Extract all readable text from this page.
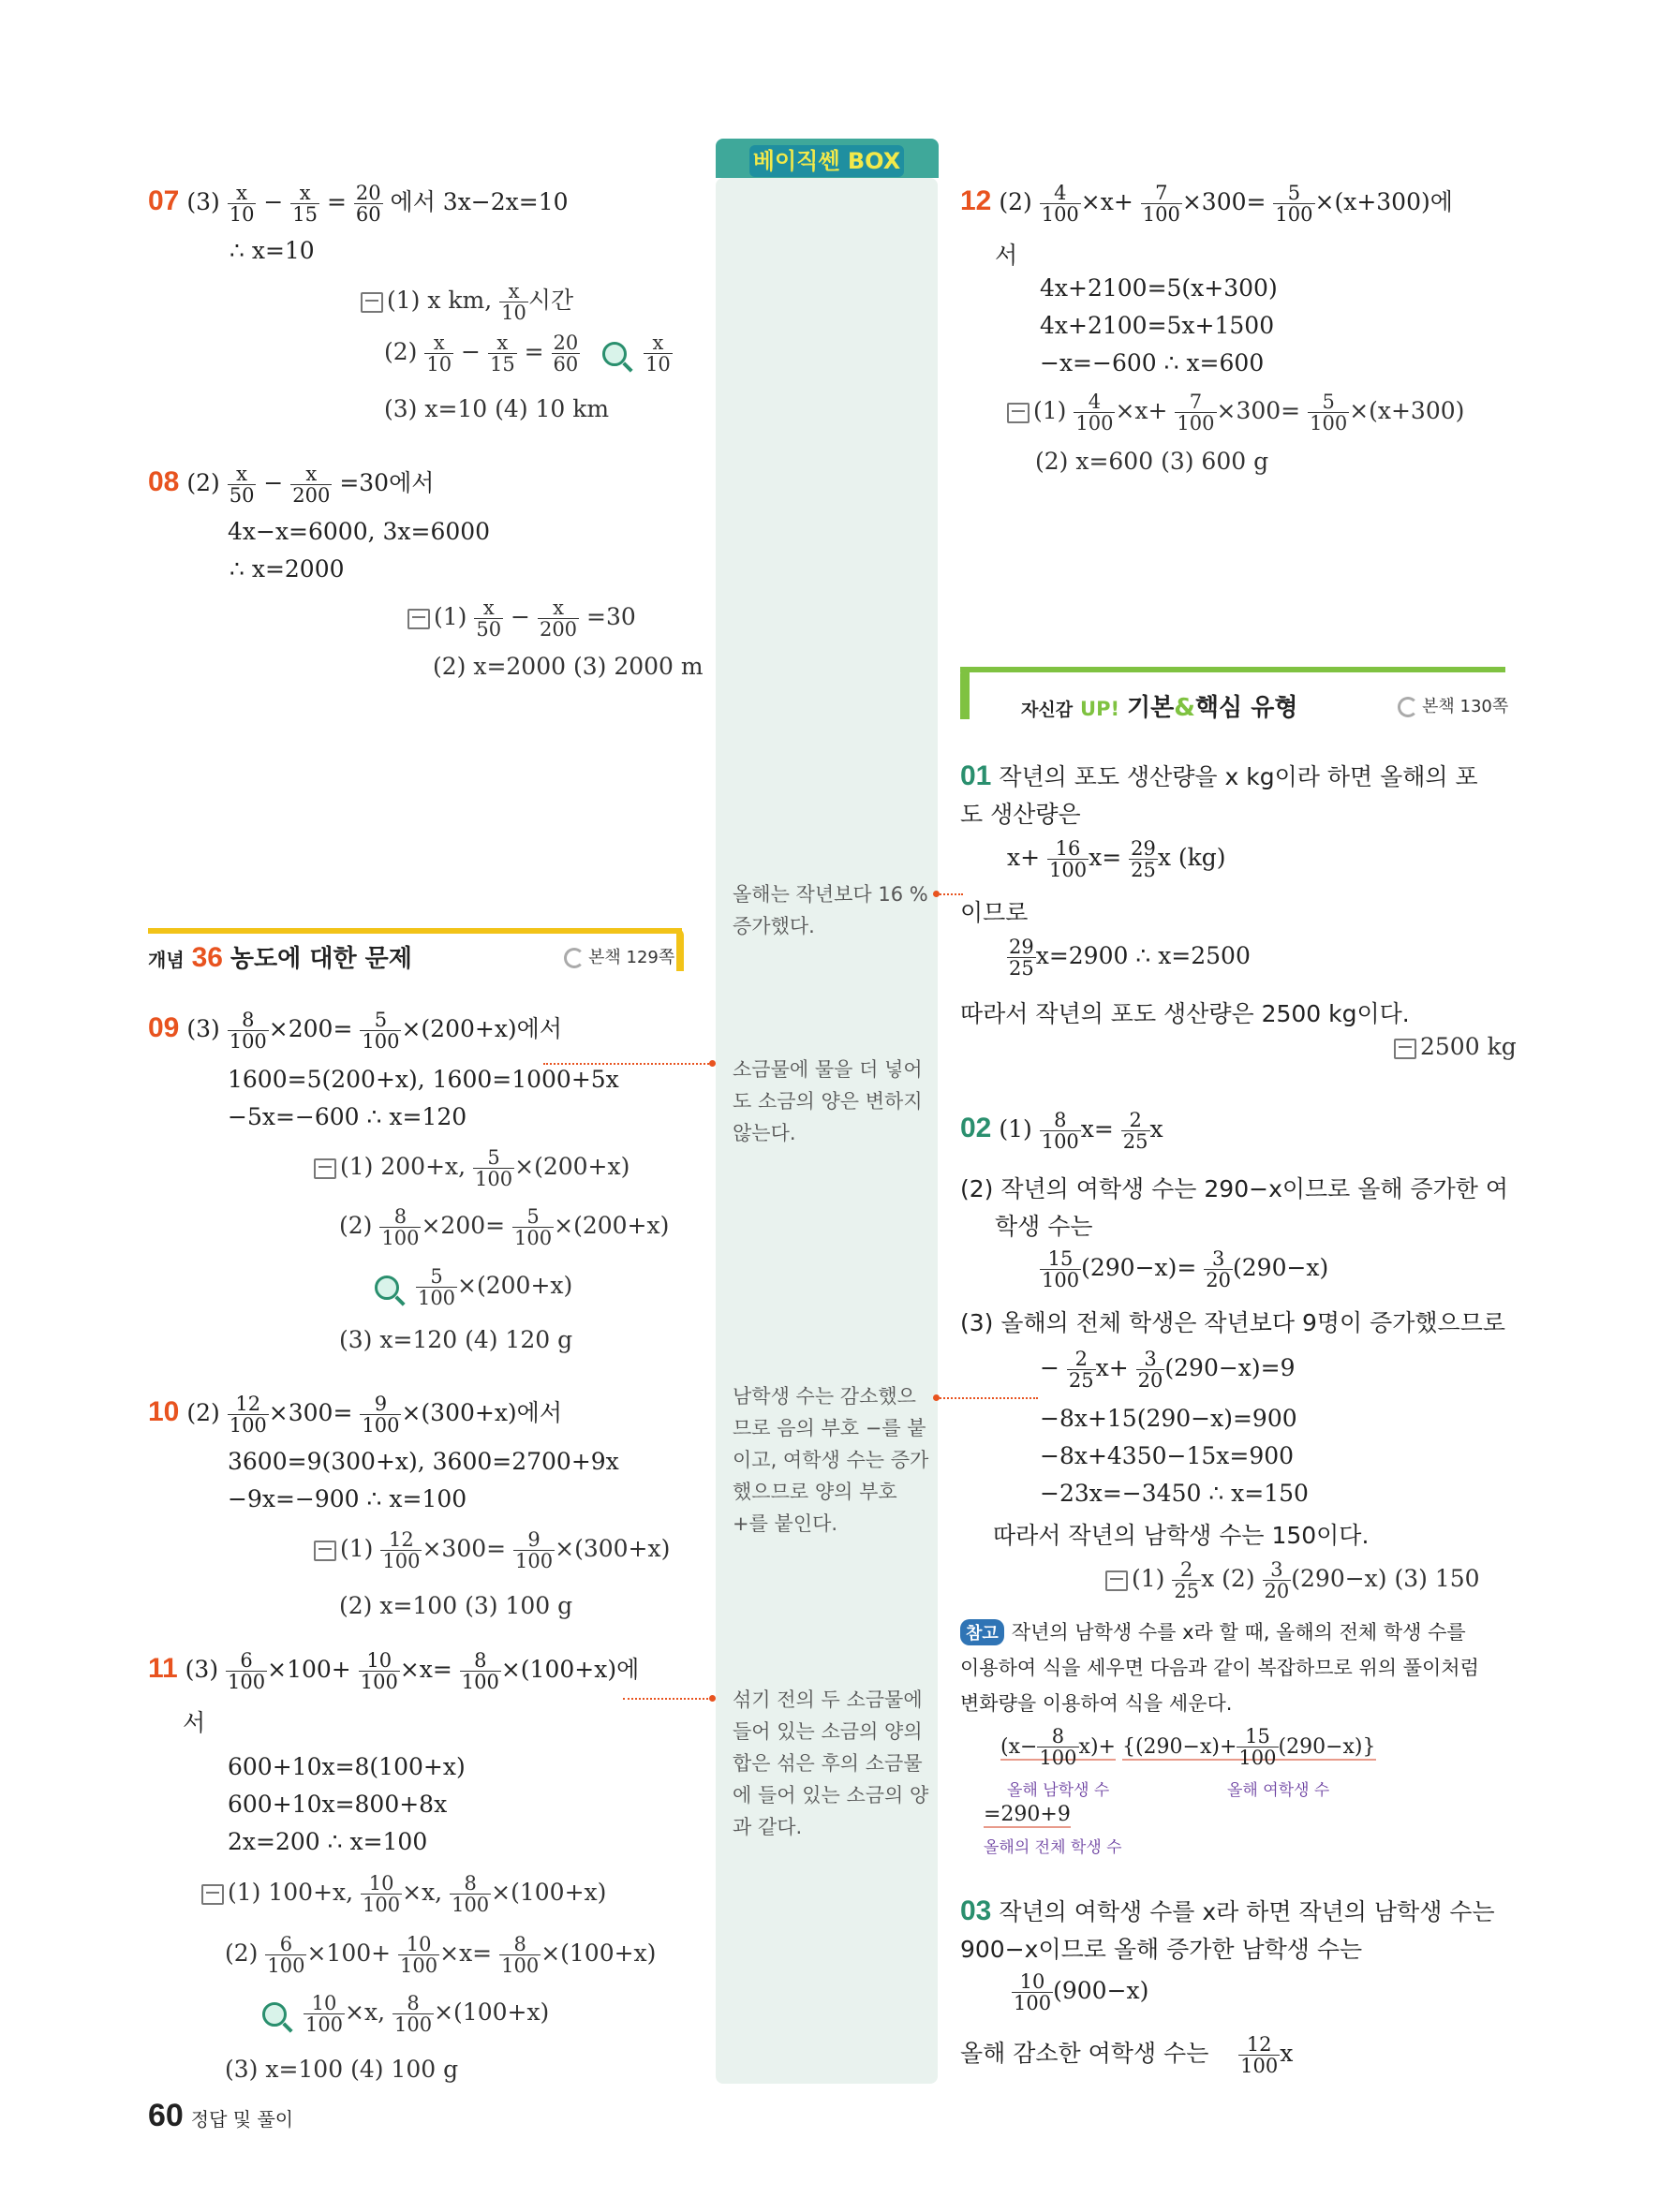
베이직쎈 BOX
07 $(3) \frac{x}{10} - \frac{x}{15} = \frac{20}{60}$ 에서 3x−2x=10
∴ x=10
(1) x km, $\frac{x}{10}$ 시간
$(2) \frac{x}{10} - \frac{x}{15} = \frac{20}{60}$
	$\frac{x}{10}$
(3) x=10 (4) 10 km
08 $(2) \frac{x}{50} - \frac{x}{200} =30$에서
4x−x=6000, 3x=6000
∴ x=2000
$(1) \frac{x}{50} - \frac{x}{200} =30$
(2) x=2000 (3) 2000 m
개념 36 농도에 대한 문제	본책 129쪽
09 $(3) \frac{8}{100} \times 200= \frac{5}{100} \times(200+x)$에서
1600=5(200+x), 1600=1000+5x
−5x=−600 ∴ x=120
(1) 200+x, $\frac{5}{100} \times(200+x)$
$(2) \frac{8}{100} \times 200= \frac{5}{100} \times(200+x)$

$\frac{5}{100} \times(200+x)$
(3) x=120 (4) 120 g
10 $(2) \frac{12}{100} \times 300= \frac{9}{100} \times(300+x)$에서
3600=9(300+x), 3600=2700+9x
−9x=−900 ∴ x=100
$(1) \frac{12}{100} \times 300= \frac{9}{100} \times(300+x)$
(2) x=100 (3) 100 g
11 $(3) \frac{6}{100} \times 100+ \frac{10}{100} \times x= \frac{8}{100} \times(100+x)$에
서
600+10x=8(100+x)
600+10x=800+8x
2x=200 ∴ x=100
(1) 100+x, $\frac{10}{100} \times x$, $\frac{8}{100} \times(100+x)$
$(2) \frac{6}{100} \times 100+ \frac{10}{100} \times x= \frac{8}{100} \times(100+x)$

$\frac{10}{100} \times x$, $\frac{8}{100} \times(100+x)$
(3) x=100 (4) 100 g
올해는 작년보다 16 % 증가했다.
소금물에 물을 더 넣어도 소금의 양은 변하지 않는다.
남학생 수는 감소했으므로 음의 부호 −를 붙이고, 여학생 수는 증가했으므로 양의 부호 +를 붙인다.
섞기 전의 두 소금물에 들어 있는 소금의 양의 합은 섞은 후의 소금물에 들어 있는 소금의 양과 같다.
12 $(2) \frac{4}{100} \times x+ \frac{7}{100} \times 300= \frac{5}{100} \times(x+300)$에
서
4x+2100=5(x+300)
4x+2100=5x+1500
−x=−600 ∴ x=600
$(1) \frac{4}{100} \times x+ \frac{7}{100} \times 300= \frac{5}{100} \times(x+300)$
(2) x=600 (3) 600 g
자신감 UP! 기본&핵심 유형	본책 130쪽
01 작년의 포도 생산량을 x kg이라 하면 올해의 포
도 생산량은
$x+ \frac{16}{100} x= \frac{29}{25}$ x (kg)
이므로
$\frac{29}{25} x=2900$ ∴ x=2500
따라서 작년의 포도 생산량은 2500 kg이다.
2500 kg
02 $(1) \frac{8}{100} x= \frac{2}{25}$ x
(2) 작년의 여학생 수는 290−x이므로 올해 증가한 여
학생 수는
$\frac{15}{100} (290-x)= \frac{3}{20} (290-x)$
(3) 올해의 전체 학생은 작년보다 9명이 증가했으므로
− $\frac{2}{25} x+ \frac{3}{20} (290-x)=9$
−8x+15(290−x)=900
−8x+4350−15x=900
−23x=−3450 ∴ x=150
따라서 작년의 남학생 수는 150이다.
$(1) \frac{2}{25}$ x $(2) \frac{3}{20} (290-x)$ (3) 150
참고 작년의 남학생 수를 x라 할 때, 올해의 전체 학생 수를
이용하여 식을 세우면 다음과 같이 복잡하므로 위의 풀이처럼
변화량을 이용하여 식을 세운다.
$(x- \frac{8}{100} x)+ \{(290-x)+ \frac{15}{100} (290-x)\}$
올해 남학생 수	올해 여학생 수
=290+9
올해의 전체 학생 수
03 작년의 여학생 수를 x라 하면 작년의 남학생 수는
900−x이므로 올해 증가한 남학생 수는
$\frac{10}{100} (900-x)$
올해 감소한 여학생 수는 $\frac{12}{100}$ x
60 정답 및 풀이
